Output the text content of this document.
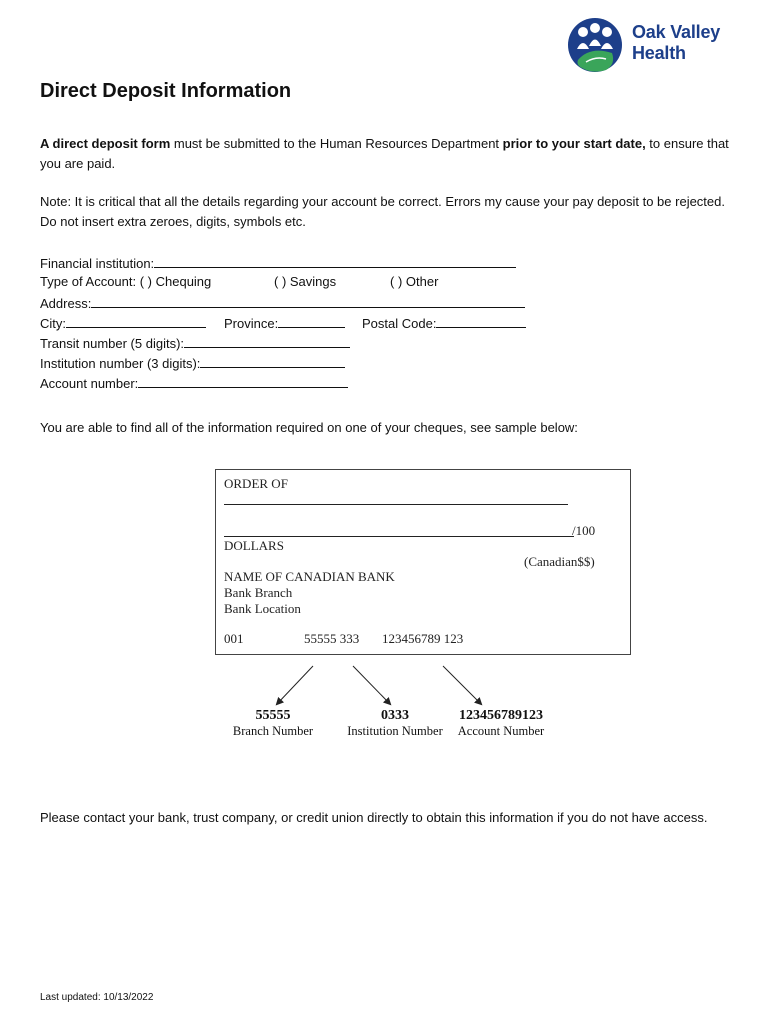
Oak Valley
Health
Direct Deposit Information

A direct deposit form must be submitted to the Human Resources Department prior to your start date, to ensure that you are paid.

Note: It is critical that all the details regarding your account be correct. Errors my cause your pay deposit to be rejected. Do not insert extra zeroes, digits, symbols etc.

Financial institution:
Type of Account: ( ) Chequing	( ) Savings	( ) Other
Address:
City:	Province:	Postal Code:
Transit number (5 digits):
Institution number (3 digits):
Account number:

You are able to find all of the information required on one of your cheques, see sample below:

ORDER OF
/100
DOLLARS
(Canadian$$)
NAME OF CANADIAN BANK
Bank Branch
Bank Location
001	55555 333 123456789 123
55555
Branch Number
0333
Institution Number
123456789123
Account Number

Please contact your bank, trust company, or credit union directly to obtain this information if you do not have access.

Last updated: 10/13/2022
